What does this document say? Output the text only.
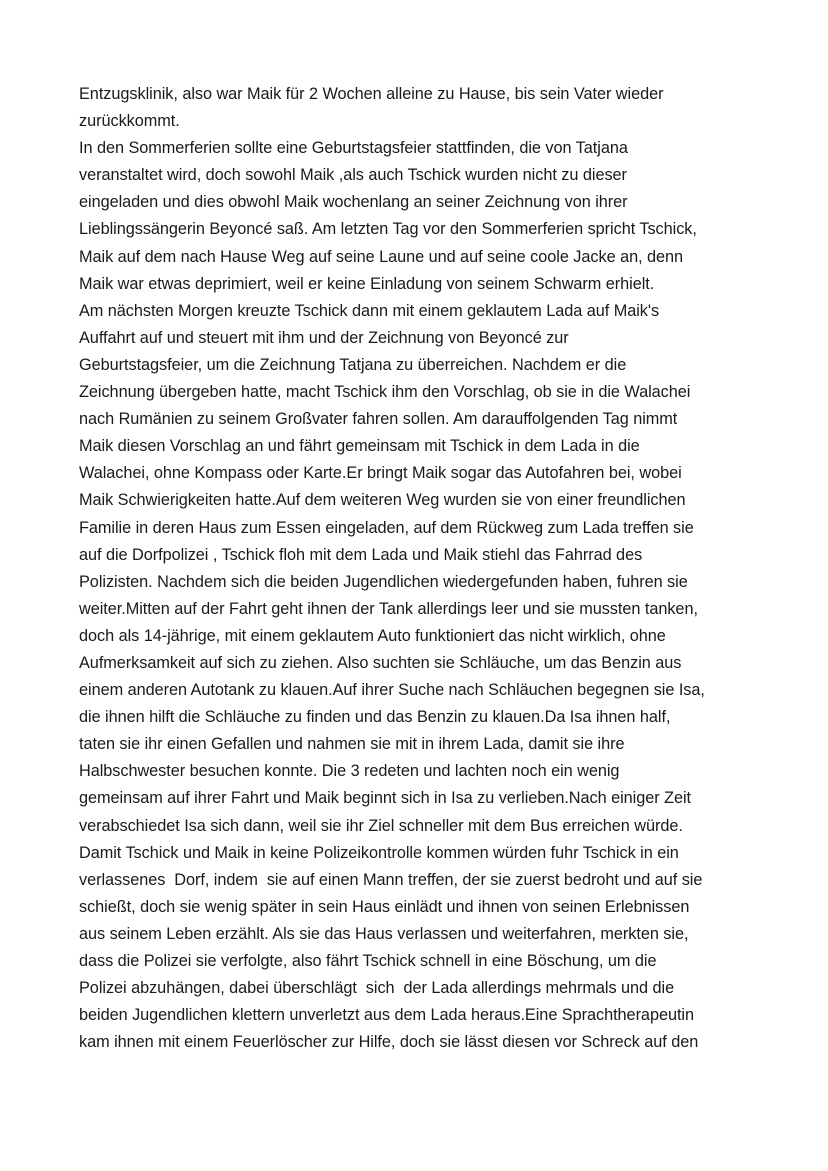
Entzugsklinik, also war Maik für 2 Wochen alleine zu Hause, bis sein Vater wieder
zurückkommt.
In den Sommerferien sollte eine Geburtstagsfeier stattfinden, die von Tatjana
veranstaltet wird, doch sowohl Maik ,als auch Tschick wurden nicht zu dieser
eingeladen und dies obwohl Maik wochenlang an seiner Zeichnung von ihrer
Lieblingssängerin Beyoncé saß. Am letzten Tag vor den Sommerferien spricht Tschick,
Maik auf dem nach Hause Weg auf seine Laune und auf seine coole Jacke an, denn
Maik war etwas deprimiert, weil er keine Einladung von seinem Schwarm erhielt.
Am nächsten Morgen kreuzte Tschick dann mit einem geklautem Lada auf Maik's
Auffahrt auf und steuert mit ihm und der Zeichnung von Beyoncé zur
Geburtstagsfeier, um die Zeichnung Tatjana zu überreichen. Nachdem er die
Zeichnung übergeben hatte, macht Tschick ihm den Vorschlag, ob sie in die Walachei
nach Rumänien zu seinem Großvater fahren sollen. Am darauffolgenden Tag nimmt
Maik diesen Vorschlag an und fährt gemeinsam mit Tschick in dem Lada in die
Walachei, ohne Kompass oder Karte.Er bringt Maik sogar das Autofahren bei, wobei
Maik Schwierigkeiten hatte.Auf dem weiteren Weg wurden sie von einer freundlichen
Familie in deren Haus zum Essen eingeladen, auf dem Rückweg zum Lada treffen sie
auf die Dorfpolizei , Tschick floh mit dem Lada und Maik stiehl das Fahrrad des
Polizisten. Nachdem sich die beiden Jugendlichen wiedergefunden haben, fuhren sie
weiter.Mitten auf der Fahrt geht ihnen der Tank allerdings leer und sie mussten tanken,
doch als 14-jährige, mit einem geklautem Auto funktioniert das nicht wirklich, ohne
Aufmerksamkeit auf sich zu ziehen. Also suchten sie Schläuche, um das Benzin aus
einem anderen Autotank zu klauen.Auf ihrer Suche nach Schläuchen begegnen sie Isa,
die ihnen hilft die Schläuche zu finden und das Benzin zu klauen.Da Isa ihnen half,
taten sie ihr einen Gefallen und nahmen sie mit in ihrem Lada, damit sie ihre
Halbschwester besuchen konnte. Die 3 redeten und lachten noch ein wenig
gemeinsam auf ihrer Fahrt und Maik beginnt sich in Isa zu verlieben.Nach einiger Zeit
verabschiedet Isa sich dann, weil sie ihr Ziel schneller mit dem Bus erreichen würde.
Damit Tschick und Maik in keine Polizeikontrolle kommen würden fuhr Tschick in ein
verlassenes  Dorf, indem  sie auf einen Mann treffen, der sie zuerst bedroht und auf sie
schießt, doch sie wenig später in sein Haus einlädt und ihnen von seinen Erlebnissen
aus seinem Leben erzählt. Als sie das Haus verlassen und weiterfahren, merkten sie,
dass die Polizei sie verfolgte, also fährt Tschick schnell in eine Böschung, um die
Polizei abzuhängen, dabei überschlägt  sich  der Lada allerdings mehrmals und die
beiden Jugendlichen klettern unverletzt aus dem Lada heraus.Eine Sprachtherapeutin
kam ihnen mit einem Feuerlöscher zur Hilfe, doch sie lässt diesen vor Schreck auf den
